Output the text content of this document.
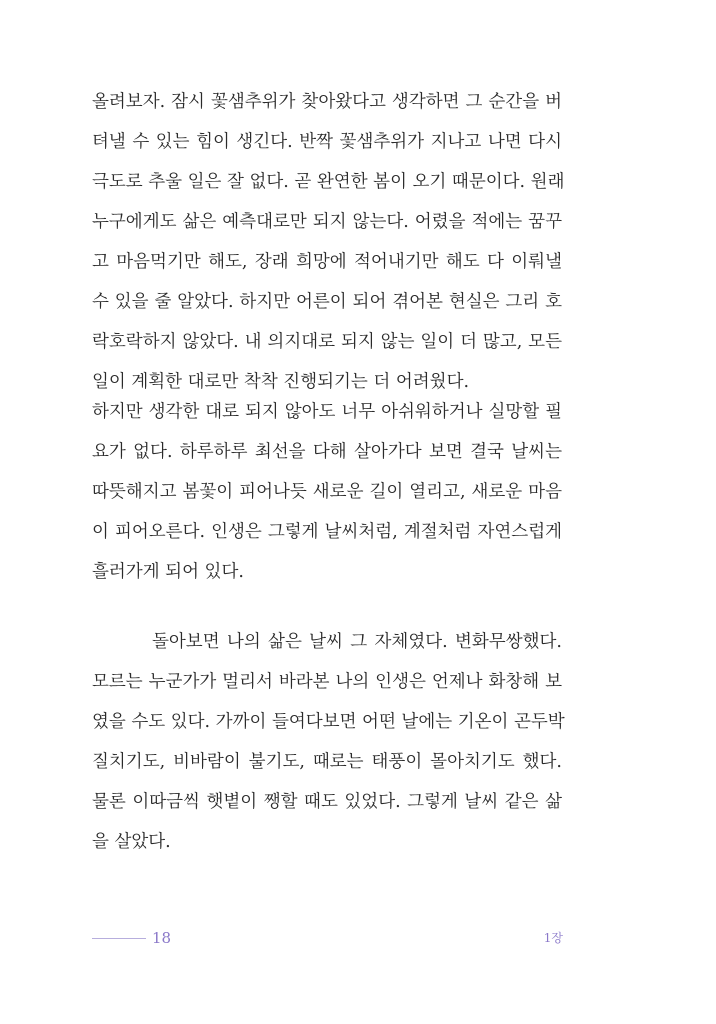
올려보자. 잠시 꽃샘추위가 찾아왔다고 생각하면 그 순간을 버
텨낼 수 있는 힘이 생긴다. 반짝 꽃샘추위가 지나고 나면 다시
극도로 추울 일은 잘 없다. 곧 완연한 봄이 오기 때문이다. 원래
누구에게도 삶은 예측대로만 되지 않는다. 어렸을 적에는 꿈꾸
고 마음먹기만 해도, 장래 희망에 적어내기만 해도 다 이뤄낼
수 있을 줄 알았다. 하지만 어른이 되어 겪어본 현실은 그리 호
락호락하지 않았다. 내 의지대로 되지 않는 일이 더 많고, 모든
일이 계획한 대로만 착착 진행되기는 더 어려웠다.
하지만 생각한 대로 되지 않아도 너무 아쉬워하거나 실망할 필
요가 없다. 하루하루 최선을 다해 살아가다 보면 결국 날씨는
따뜻해지고 봄꽃이 피어나듯 새로운 길이 열리고, 새로운 마음
이 피어오른다. 인생은 그렇게 날씨처럼, 계절처럼 자연스럽게
흘러가게 되어 있다.
돌아보면 나의 삶은 날씨 그 자체였다. 변화무쌍했다.
모르는 누군가가 멀리서 바라본 나의 인생은 언제나 화창해 보
였을 수도 있다. 가까이 들여다보면 어떤 날에는 기온이 곤두박
질치기도, 비바람이 불기도, 때로는 태풍이 몰아치기도 했다.
물론 이따금씩 햇볕이 쨍할 때도 있었다. 그렇게 날씨 같은 삶
을 살았다.
18	1장
